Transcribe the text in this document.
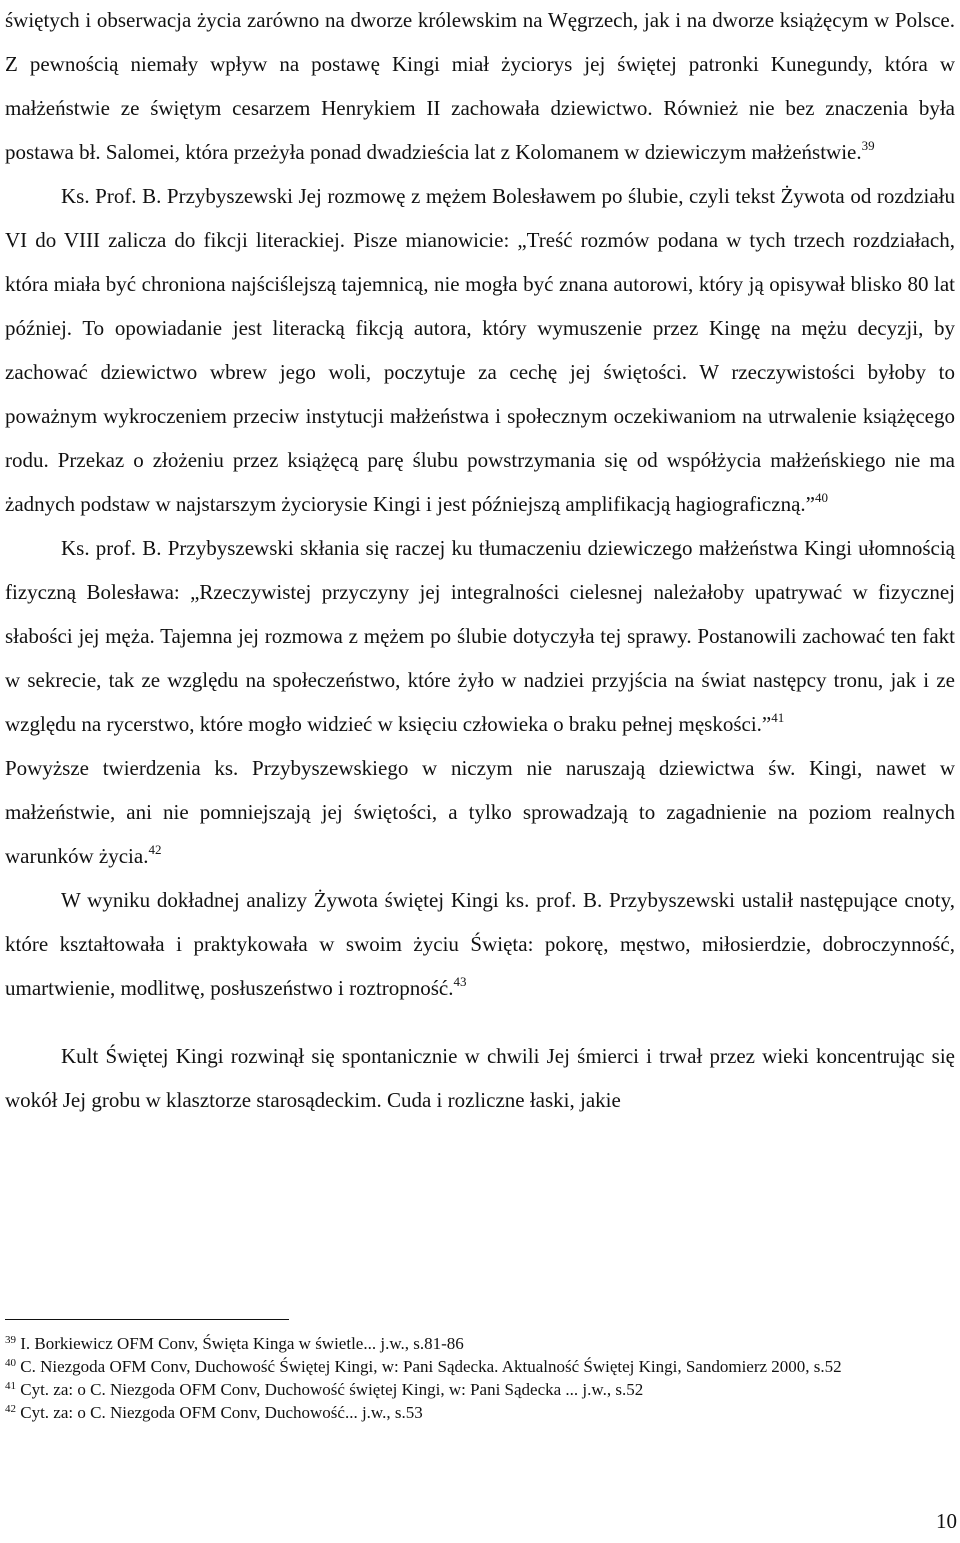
świętych i obserwacja życia zarówno na dworze królewskim na Węgrzech, jak i na dworze książęcym w Polsce. Z pewnością niemały wpływ na postawę Kingi miał życiorys jej świętej patronki Kunegundy, która w małżeństwie ze świętym cesarzem Henrykiem II zachowała dziewictwo. Również nie bez znaczenia była postawa bł. Salomei, która przeżyła ponad dwadzieścia lat z Kolomanem w dziewiczym małżeństwie.$^{39}$

Ks. Prof. B. Przybyszewski Jej rozmowę z mężem Bolesławem po ślubie, czyli tekst Żywota od rozdziału VI do VIII zalicza do fikcji literackiej. Pisze mianowicie: „Treść rozmów podana w tych trzech rozdziałach, która miała być chroniona najściślejszą tajemnicą, nie mogła być znana autorowi, który ją opisywał blisko 80 lat później. To opowiadanie jest literacką fikcją autora, który wymuszenie przez Kingę na mężu decyzji, by zachować dziewictwo wbrew jego woli, poczytuje za cechę jej świętości. W rzeczywistości byłoby to poważnym wykroczeniem przeciw instytucji małżeństwa i społecznym oczekiwaniom na utrwalenie książęcego rodu. Przekaz o złożeniu przez książęcą parę ślubu powstrzymania się od współżycia małżeńskiego nie ma żadnych podstaw w najstarszym życiorysie Kingi i jest późniejszą amplifikacją hagiograficzną.”$^{40}$

Ks. prof. B. Przybyszewski skłania się raczej ku tłumaczeniu dziewiczego małżeństwa Kingi ułomnością fizyczną Bolesława: „Rzeczywistej przyczyny jej integralności cielesnej należałoby upatrywać w fizycznej słabości jej męża. Tajemna jej rozmowa z mężem po ślubie dotyczyła tej sprawy. Postanowili zachować ten fakt w sekrecie, tak ze względu na społeczeństwo, które żyło w nadziei przyjścia na świat następcy tronu, jak i ze względu na rycerstwo, które mogło widzieć w księciu człowieka o braku pełnej męskości.”$^{41}$

Powyższe twierdzenia ks. Przybyszewskiego w niczym nie naruszają dziewictwa św. Kingi, nawet w małżeństwie, ani nie pomniejszają jej świętości, a tylko sprowadzają to zagadnienie na poziom realnych warunków życia.$^{42}$

W wyniku dokładnej analizy Żywota świętej Kingi ks. prof. B. Przybyszewski ustalił następujące cnoty, które kształtowała i praktykowała w swoim życiu Święta: pokorę, męstwo, miłosierdzie, dobroczynność, umartwienie, modlitwę, posłuszeństwo i roztropność.$^{43}$

Kult Świętej Kingi rozwinął się spontanicznie w chwili Jej śmierci i trwał przez wieki koncentrując się wokół Jej grobu w klasztorze starosądeckim. Cuda i rozliczne łaski, jakie

$^{39}$ I. Borkiewicz OFM Conv, Święta Kinga w świetle... j.w., s.81-86

$^{40}$ C. Niezgoda OFM Conv, Duchowość Świętej Kingi, w: Pani Sądecka. Aktualność Świętej Kingi, Sandomierz 2000, s.52

$^{41}$ Cyt. za: o C. Niezgoda OFM Conv, Duchowość świętej Kingi, w: Pani Sądecka ... j.w., s.52

$^{42}$ Cyt. za: o C. Niezgoda OFM Conv, Duchowość... j.w., s.53

10
